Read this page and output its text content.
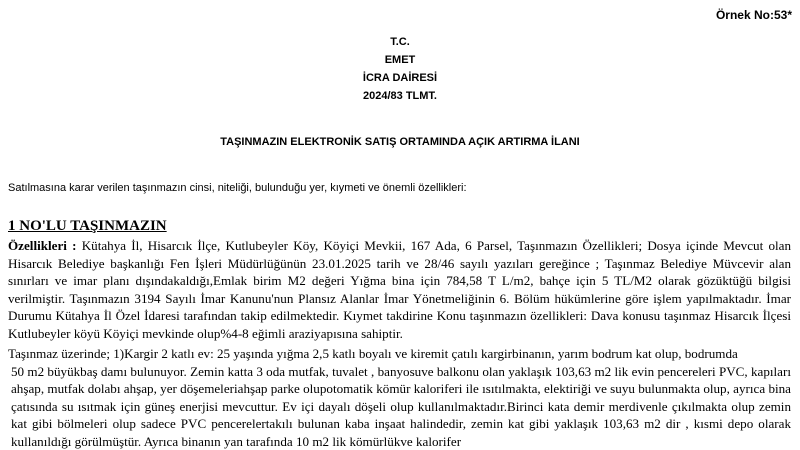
Örnek No:53*
T.C.
EMET
İCRA DAİRESİ
2024/83 TLMT.
TAŞINMAZIN ELEKTRONİK SATIŞ ORTAMINDA AÇIK ARTIRMA İLANI
Satılmasına karar verilen taşınmazın cinsi, niteliği, bulunduğu yer, kıymeti ve önemli özellikleri:
1 NO'LU TAŞINMAZIN
Özellikleri : Kütahya İl, Hisarcık İlçe, Kutlubeyler Köy, Köyiçi Mevkii, 167 Ada, 6 Parsel, Taşınmazın Özellikleri; Dosya içinde Mevcut olan Hisarcık Belediye başkanlığı Fen İşleri Müdürlüğünün 23.01.2025 tarih ve 28/46 sayılı yazıları gereğince ; Taşınmaz Belediye Müvcevir alan sınırları ve imar planı dışındakaldığı,Emlak birim M2 değeri Yığma bina için 784,58 T L/m2, bahçe için 5 TL/M2 olarak gözüktüğü bilgisi verilmiştir. Taşınmazın 3194 Sayılı İmar Kanunu'nun Plansız Alanlar İmar Yönetmeliğinin 6. Bölüm hükümlerine göre işlem yapılmaktadır. İmar Durumu Kütahya İl Özel İdaresi tarafından takip edilmektedir. Kıymet takdirine Konu taşınmazın özellikleri: Dava konusu taşınmaz Hisarcık İlçesi Kutlubeyler köyü Köyiçi mevkinde olup%4-8 eğimli araziyapısına sahiptir.
Taşınmaz üzerinde; 1)Kargir 2 katlı ev: 25 yaşında yığma 2,5 katlı boyalı ve kiremit çatılı kargirbinanın, yarım bodrum kat olup, bodrumda
50 m2 büyükbaş damı bulunuyor. Zemin katta 3 oda mutfak, tuvalet , banyosuve balkonu olan yaklaşık 103,63 m2 lik evin pencereleri PVC, kapıları ahşap, mutfak dolabı ahşap, yer döşemeleriahşap parke olupotomatik kömür kaloriferi ile ısıtılmakta, elektiriği ve suyu bulunmakta olup, ayrıca bina çatısında su ısıtmak için güneş enerjisi mevcuttur. Ev içi dayalı döşeli olup kullanılmaktadır.Birinci kata demir merdivenle çıkılmakta olup zemin kat gibi bölmeleri olup sadece PVC pencerelertakılı bulunan kaba inşaat halindedir, zemin kat gibi yaklaşık 103,63 m2 dir , kısmi depo olarak kullanıldığı görülmüştür. Ayrıca binanın yan tarafında 10 m2 lik kömürlükve kalorifer
